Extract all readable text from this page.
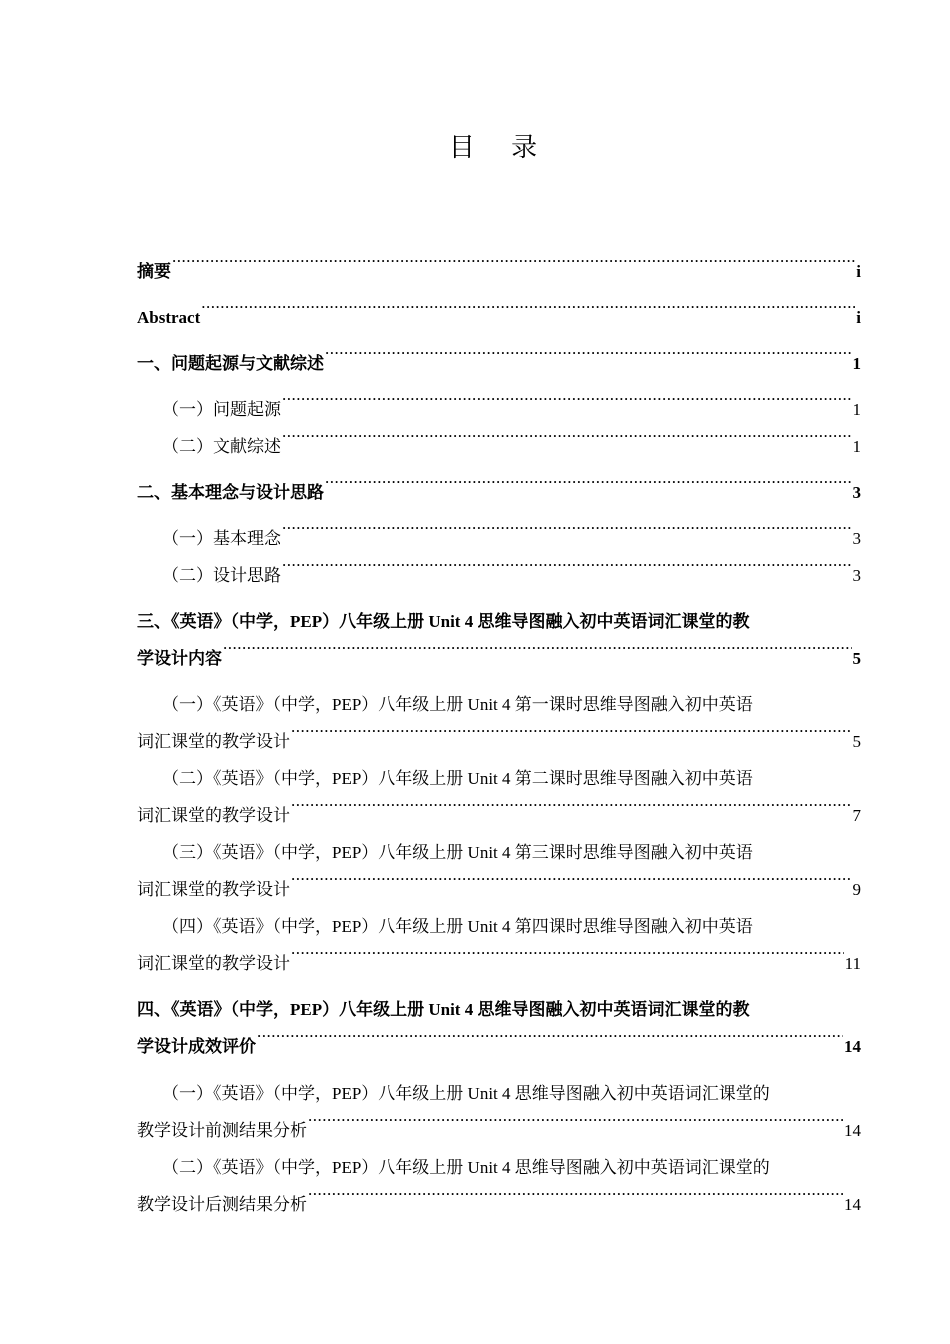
目 录
摘要 .....	i
Abstract .....	i
一、问题起源与文献综述 .....	1
（一）问题起源 .....	1
（二）文献综述 .....	1
二、基本理念与设计思路 .....	3
（一）基本理念 .....	3
（二）设计思路 .....	3
三、《英语》（中学，PEP）八年级上册 Unit 4 思维导图融入初中英语词汇课堂的教
学设计内容 .....	5
（一）《英语》（中学，PEP）八年级上册 Unit 4 第一课时思维导图融入初中英语
词汇课堂的教学设计 .....	5
（二）《英语》（中学，PEP）八年级上册 Unit 4 第二课时思维导图融入初中英语
词汇课堂的教学设计 .....	7
（三）《英语》（中学，PEP）八年级上册 Unit 4 第三课时思维导图融入初中英语
词汇课堂的教学设计 .....	9
（四）《英语》（中学，PEP）八年级上册 Unit 4 第四课时思维导图融入初中英语
词汇课堂的教学设计 .....	11
四、《英语》（中学，PEP）八年级上册 Unit 4 思维导图融入初中英语词汇课堂的教
学设计成效评价 .....	14
（一）《英语》（中学，PEP）八年级上册 Unit 4 思维导图融入初中英语词汇课堂的
教学设计前测结果分析 .....	14
（二）《英语》（中学，PEP）八年级上册 Unit 4 思维导图融入初中英语词汇课堂的
教学设计后测结果分析 .....	14
